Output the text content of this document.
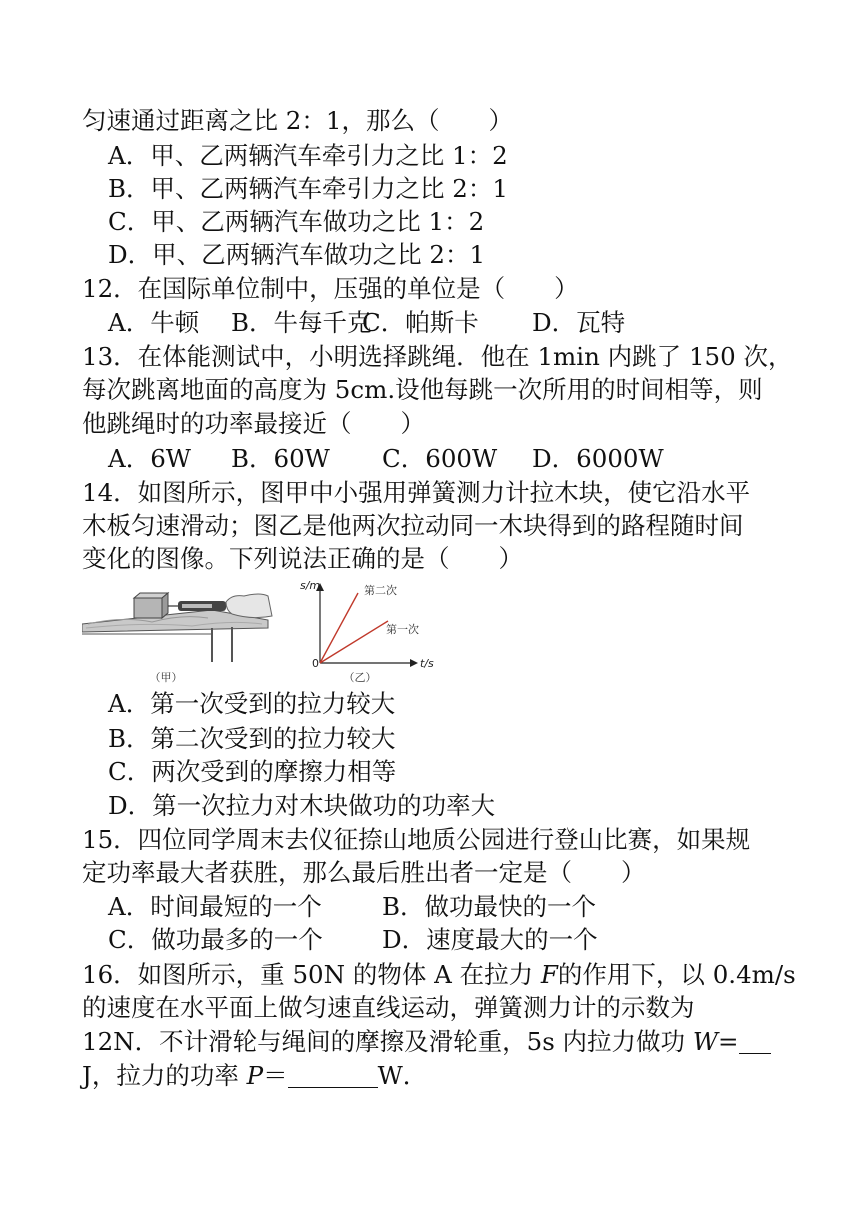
匀速通过距离之比 2：1，那么（　　）
A．甲、乙两辆汽车牵引力之比 1：2
B．甲、乙两辆汽车牵引力之比 2：1
C．甲、乙两辆汽车做功之比 1：2
D．甲、乙两辆汽车做功之比 2：1
12．在国际单位制中，压强的单位是（　　）
A．牛顿 B．牛每千克
C．帕斯卡 D．瓦特
13．在体能测试中，小明选择跳绳．他在 1min 内跳了 150 次，
每次跳离地面的高度为 5cm.设他每跳一次所用的时间相等，则
他跳绳时的功率最接近（　　）
A．6W B．60W C．600W D．6000W
14．如图所示，图甲中小强用弹簧测力计拉木块，使它沿水平
木板匀速滑动；图乙是他两次拉动同一木块得到的路程随时间
变化的图像。下列说法正确的是（　　）
（甲）
s/m
t/s
0
第二次
第一次
（乙）
A．第一次受到的拉力较大
B．第二次受到的拉力较大
C．两次受到的摩擦力相等
D．第一次拉力对木块做功的功率大
15．四位同学周末去仪征捺山地质公园进行登山比赛，如果规
定功率最大者获胜，那么最后胜出者一定是（　　）
A．时间最短的一个 B．做功最快的一个
C．做功最多的一个 D．速度最大的一个
16．如图所示，重 50N 的物体 A 在拉力 F的作用下，以 0.4m/s
的速度在水平面上做匀速直线运动，弹簧测力计的示数为
12N．不计滑轮与绳间的摩擦及滑轮重，5s 内拉力做功 W=
J，拉力的功率 P＝	W．
